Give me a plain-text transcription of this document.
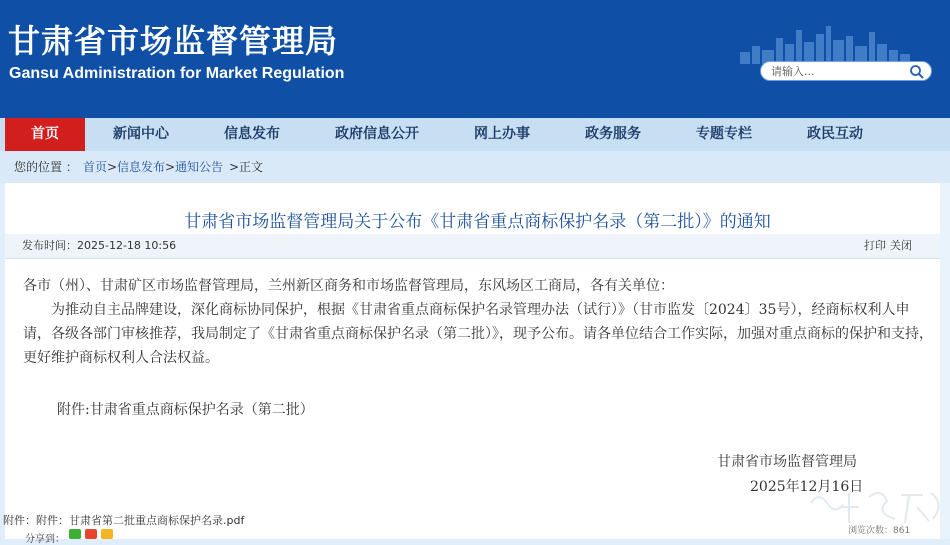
甘肃省市场监督管理局
Gansu Administration for Market Regulation
请输入...
首页	新闻中心	信息发布	政府信息公开	网上办事	政务服务	专题专栏	政民互动
您的位置 ： 首页 > 信息发布 > 通知公告 > 正文
甘肃省市场监督管理局关于公布《甘肃省重点商标保护名录（第二批）》的通知
发布时间：2025-12-18 10:56	打印 关闭

各市（州）、甘肃矿区市场监督管理局，兰州新区商务和市场监督管理局，东风场区工商局，各有关单位：

为推动自主品牌建设，深化商标协同保护，根据《甘肃省重点商标保护名录管理办法（试行）》（甘市监发〔2024〕35号），经商标权利人申请，各级各部门审核推荐，我局制定了《甘肃省重点商标保护名录（第二批）》，现予公布。请各单位结合工作实际，加强对重点商标的保护和支持，更好维护商标权利人合法权益。

附件:甘肃省重点商标保护名录（第二批）
甘肃省市场监督管理局
2025年12月16日
附件：附件：甘肃省第二批重点商标保护名录.pdf
分享到：
浏览次数：861
